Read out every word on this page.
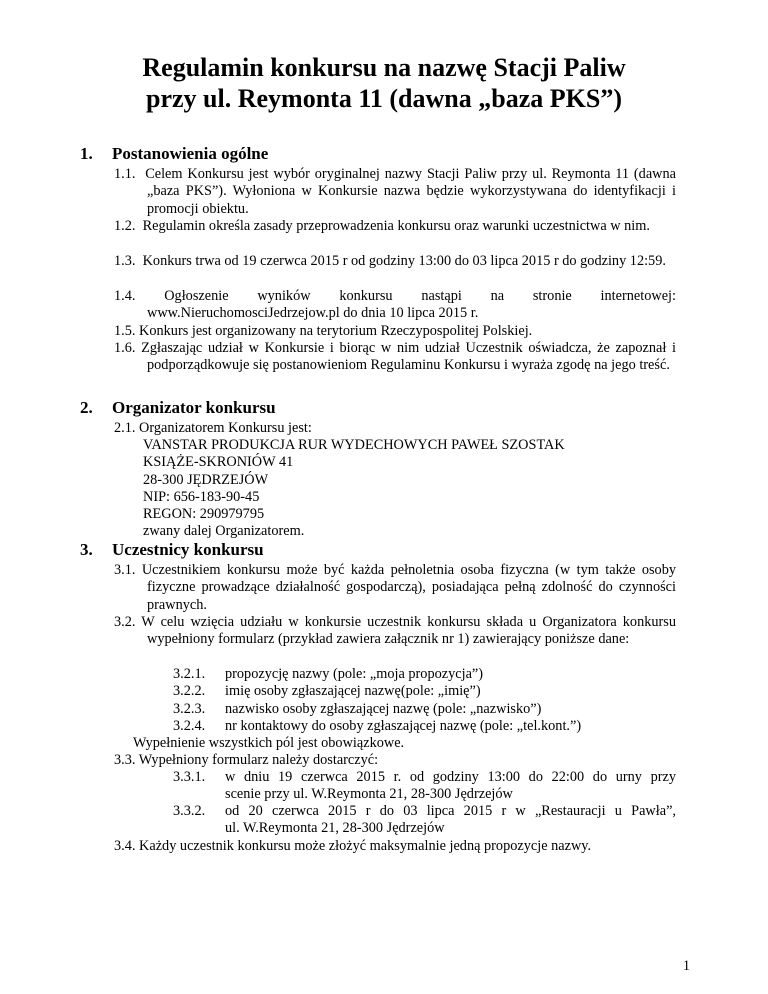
Regulamin konkursu na nazwę Stacji Paliw
przy ul. Reymonta 11 (dawna „baza PKS”)
1. Postanowienia ogólne
1.1. Celem Konkursu jest wybór oryginalnej nazwy Stacji Paliw przy ul. Reymonta 11 (dawna „baza PKS”). Wyłoniona w Konkursie nazwa będzie wykorzystywana do identyfikacji i promocji obiektu.
1.2. Regulamin określa zasady przeprowadzenia konkursu oraz warunki uczestnictwa w nim.
1.3. Konkurs trwa od 19 czerwca 2015 r od godziny 13:00 do 03 lipca 2015 r do godziny 12:59.
1.4. Ogłoszenie wyników konkursu nastąpi na stronie internetowej:
www.NieruchomosciJedrzejow.pl do dnia 10 lipca 2015 r.
1.5. Konkurs jest organizowany na terytorium Rzeczypospolitej Polskiej.
1.6. Zgłaszając udział w Konkursie i biorąc w nim udział Uczestnik oświadcza, że zapoznał i podporządkowuje się postanowieniom Regulaminu Konkursu i wyraża zgodę na jego treść.
2. Organizator konkursu
2.1. Organizatorem Konkursu jest:
VANSTAR PRODUKCJA RUR WYDECHOWYCH PAWEŁ SZOSTAK
KSIĄŻE-SKRONIÓW 41
28-300 JĘDRZEJÓW
NIP: 656-183-90-45
REGON: 290979795
zwany dalej Organizatorem.
3. Uczestnicy konkursu
3.1. Uczestnikiem konkursu może być każda pełnoletnia osoba fizyczna (w tym także osoby fizyczne prowadzące działalność gospodarczą), posiadająca pełną zdolność do czynności prawnych.
3.2. W celu wzięcia udziału w konkursie uczestnik konkursu składa u Organizatora konkursu wypełniony formularz (przykład zawiera załącznik nr 1) zawierający poniższe dane:
3.2.1. propozycję nazwy (pole: „moja propozycja”)
3.2.2. imię osoby zgłaszającej nazwę(pole: „imię”)
3.2.3. nazwisko osoby zgłaszającej nazwę (pole: „nazwisko”)
3.2.4. nr kontaktowy do osoby zgłaszającej nazwę (pole: „tel.kont.”)
Wypełnienie wszystkich pól jest obowiązkowe.
3.3. Wypełniony formularz należy dostarczyć:
3.3.1. w dniu 19 czerwca 2015 r. od godziny 13:00 do 22:00 do urny przy
scenie przy ul. W.Reymonta 21, 28-300 Jędrzejów
3.3.2. od 20 czerwca 2015 r do 03 lipca 2015 r w „Restauracji u Pawła”,
ul. W.Reymonta 21, 28-300 Jędrzejów
3.4. Każdy uczestnik konkursu może złożyć maksymalnie jedną propozycje nazwy.
1
